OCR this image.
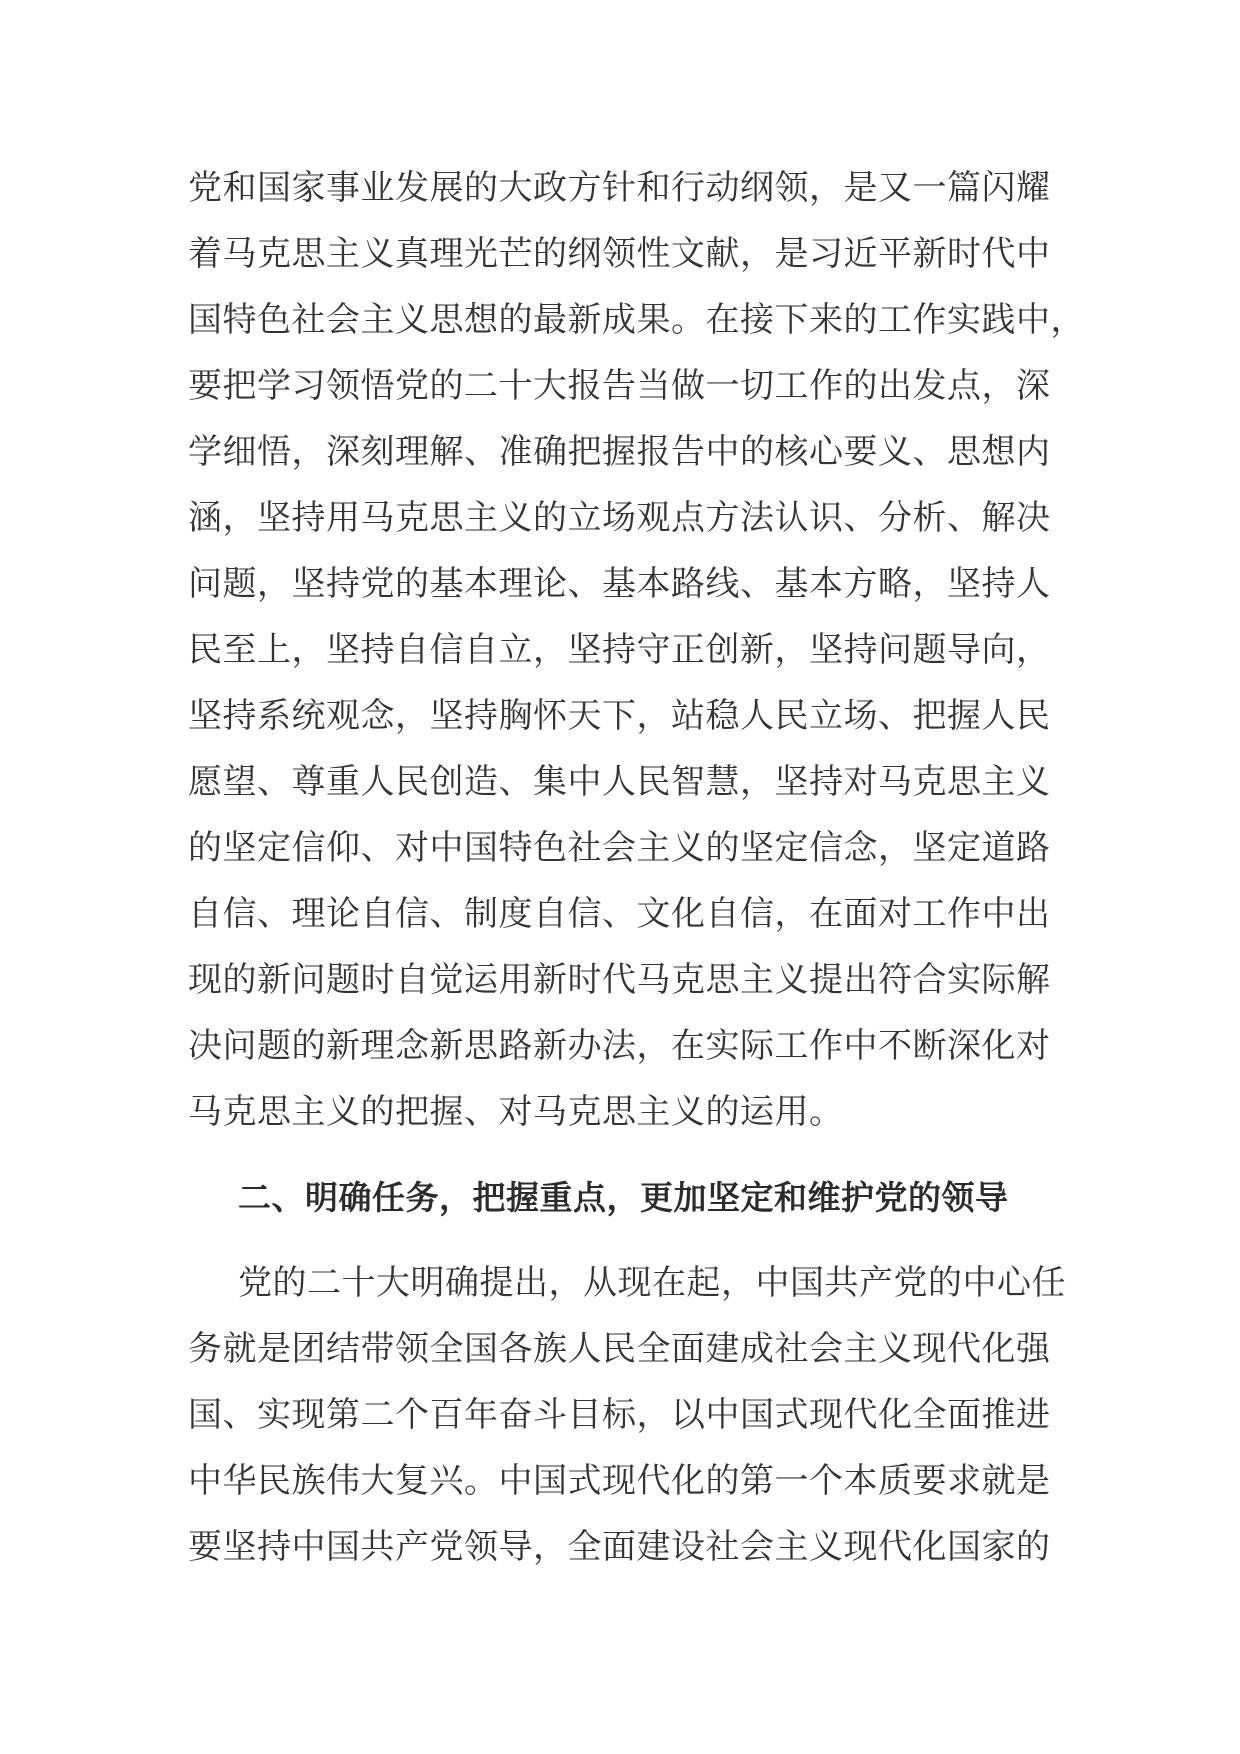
党和国家事业发展的大政方针和行动纲领，是又一篇闪耀
着马克思主义真理光芒的纲领性文献，是习近平新时代中
国特色社会主义思想的最新成果。在接下来的工作实践中，
要把学习领悟党的二十大报告当做一切工作的出发点，深
学细悟，深刻理解、准确把握报告中的核心要义、思想内
涵，坚持用马克思主义的立场观点方法认识、分析、解决
问题，坚持党的基本理论、基本路线、基本方略，坚持人
民至上，坚持自信自立，坚持守正创新，坚持问题导向，
坚持系统观念，坚持胸怀天下，站稳人民立场、把握人民
愿望、尊重人民创造、集中人民智慧，坚持对马克思主义
的坚定信仰、对中国特色社会主义的坚定信念，坚定道路
自信、理论自信、制度自信、文化自信，在面对工作中出
现的新问题时自觉运用新时代马克思主义提出符合实际解
决问题的新理念新思路新办法，在实际工作中不断深化对
马克思主义的把握、对马克思主义的运用。
二、明确任务，把握重点，更加坚定和维护党的领导
党的二十大明确提出，从现在起，中国共产党的中心任
务就是团结带领全国各族人民全面建成社会主义现代化强
国、实现第二个百年奋斗目标，以中国式现代化全面推进
中华民族伟大复兴。中国式现代化的第一个本质要求就是
要坚持中国共产党领导，全面建设社会主义现代化国家的
